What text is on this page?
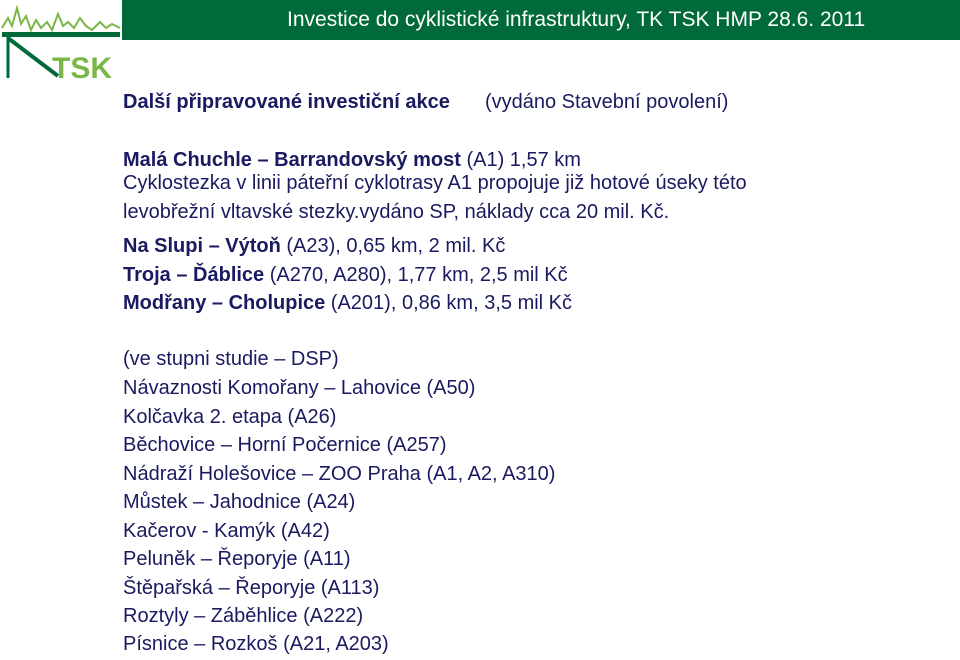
TSK
Investice do cyklistické infrastruktury, TK TSK HMP 28.6. 2011
Další připravované investiční akce (vydáno Stavební povolení)
Malá Chuchle – Barrandovský most (A1) 1,57 km
Cyklostezka v linii páteřní cyklotrasy A1 propojuje již hotové úseky této
levobřežní vltavské stezky.vydáno SP, náklady cca 20 mil. Kč.
Na Slupi – Výtoň (A23), 0,65 km, 2 mil. Kč
Troja – Ďáblice (A270, A280), 1,77 km, 2,5 mil Kč
Modřany – Cholupice (A201), 0,86 km, 3,5 mil Kč
(ve stupni studie – DSP)
Návaznosti Komořany – Lahovice (A50)
Kolčavka 2. etapa (A26)
Běchovice – Horní Počernice (A257)
Nádraží Holešovice – ZOO Praha (A1, A2, A310)
Můstek – Jahodnice (A24)
Kačerov - Kamýk (A42)
Peluněk – Řeporyje (A11)
Štěpařská – Řeporyje (A113)
Roztyly – Záběhlice (A222)
Písnice – Rozkoš (A21, A203)
